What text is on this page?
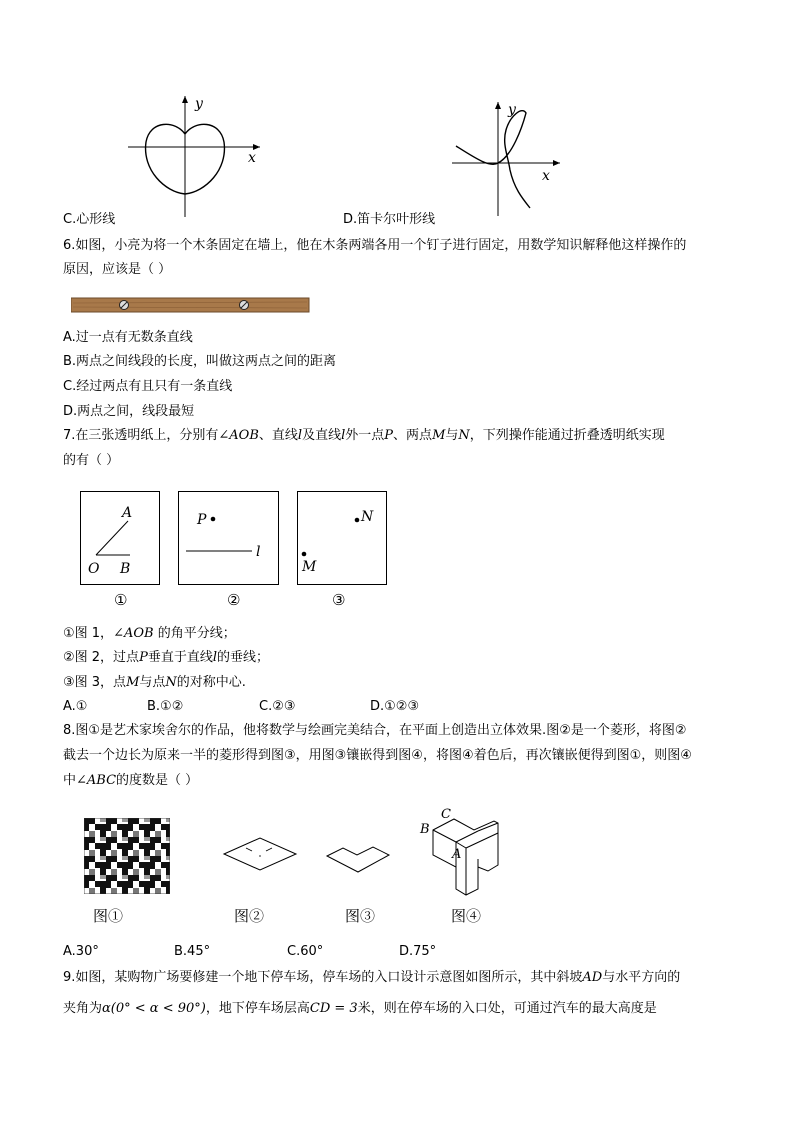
y
x
y
x
C.心形线	D.笛卡尔叶形线
6.如图，小亮为将一个木条固定在墙上，他在木条两端各用一个钉子进行固定，用数学知识解释他这样操作的
原因，应该是（ ）
A.过一点有无数条直线
B.两点之间线段的长度，叫做这两点之间的距离
C.经过两点有且只有一条直线
D.两点之间，线段最短
7.在三张透明纸上，分别有∠AOB、直线l及直线l外一点P、两点M与N，下列操作能通过折叠透明纸实现
的有（ ）
A
O B
P
l
N
M
①	②	③
①图 1，∠AOB 的角平分线；
②图 2，过点P垂直于直线l的垂线；
③图 3，点M与点N的对称中心.
A.①	B.①②	C.②③	D.①②③
8.图①是艺术家埃舍尔的作品，他将数学与绘画完美结合，在平面上创造出立体效果.图②是一个菱形，将图②
截去一个边长为原来一半的菱形得到图③，用图③镶嵌得到图④，将图④着色后，再次镶嵌便得到图①，则图④
中∠ABC的度数是（ ）
C
B
A
图①	图②	图③	图④
A.30°	B.45°	C.60°	D.75°
9.如图，某购物广场要修建一个地下停车场，停车场的入口设计示意图如图所示，其中斜坡AD与水平方向的
夹角为α(0° < α < 90°)，地下停车场层高CD = 3米，则在停车场的入口处，可通过汽车的最大高度是
